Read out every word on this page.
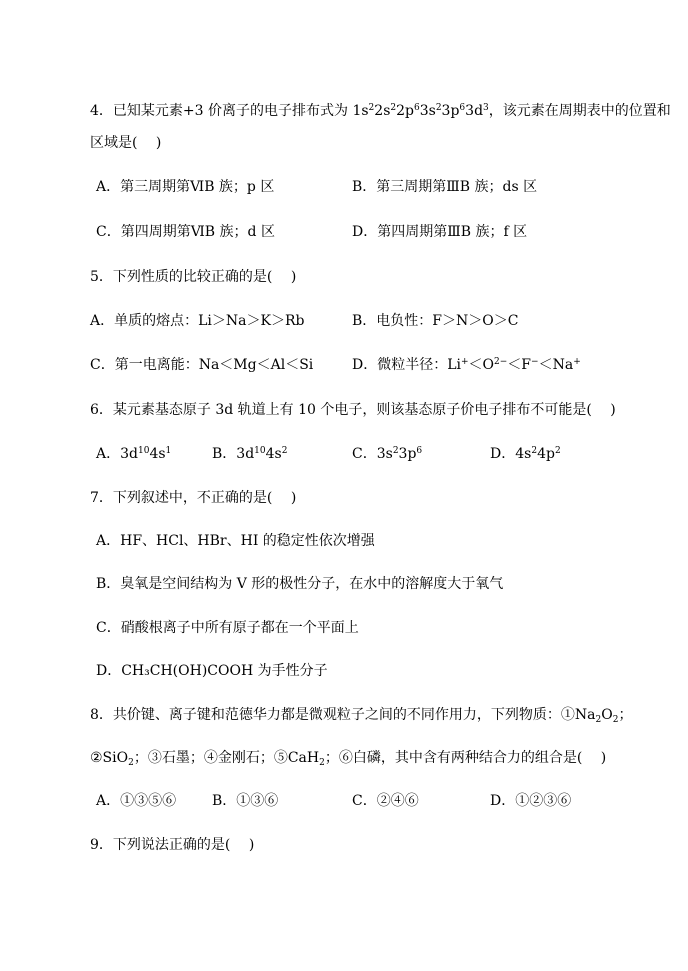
4．已知某元素+3 价离子的电子排布式为 $1s^22s^22p^63s^23p^63d^3$，该元素在周期表中的位置和
区域是(　 )
A．第三周期第ⅥB 族；p 区	B．第三周期第ⅢB 族；ds 区
C．第四周期第ⅥB 族；d 区	D．第四周期第ⅢB 族；f 区
5．下列性质的比较正确的是(　 )
A．单质的熔点：Li＞Na＞K＞Rb	B．电负性：F＞N＞O＞C
C．第一电离能：Na＜Mg＜Al＜Si	D．微粒半径：$Li^+<O^{2-}<F^-<Na^+$
6．某元素基态原子 3d 轨道上有 10 个电子，则该基态原子价电子排布不可能是(　 )
A．$3d^{10}4s^1$	B．$3d^{10}4s^2$	C．$3s^23p^6$	D．$4s^24p^2$
7．下列叙述中，不正确的是(　 )
A．HF、HCl、HBr、HI 的稳定性依次增强
B．臭氧是空间结构为 V 形的极性分子，在水中的溶解度大于氧气
C．硝酸根离子中所有原子都在一个平面上
D．CH₃CH(OH)COOH 为手性分子
8．共价键、离子键和范德华力都是微观粒子之间的不同作用力，下列物质：$①Na_2O_2$；
②SiO$_2$；③石墨；④金刚石；⑤CaH$_2$；⑥白磷，其中含有两种结合力的组合是(　 )
A．①③⑤⑥	B．①③⑥	C．②④⑥	D．①②③⑥
9．下列说法正确的是(　 )
